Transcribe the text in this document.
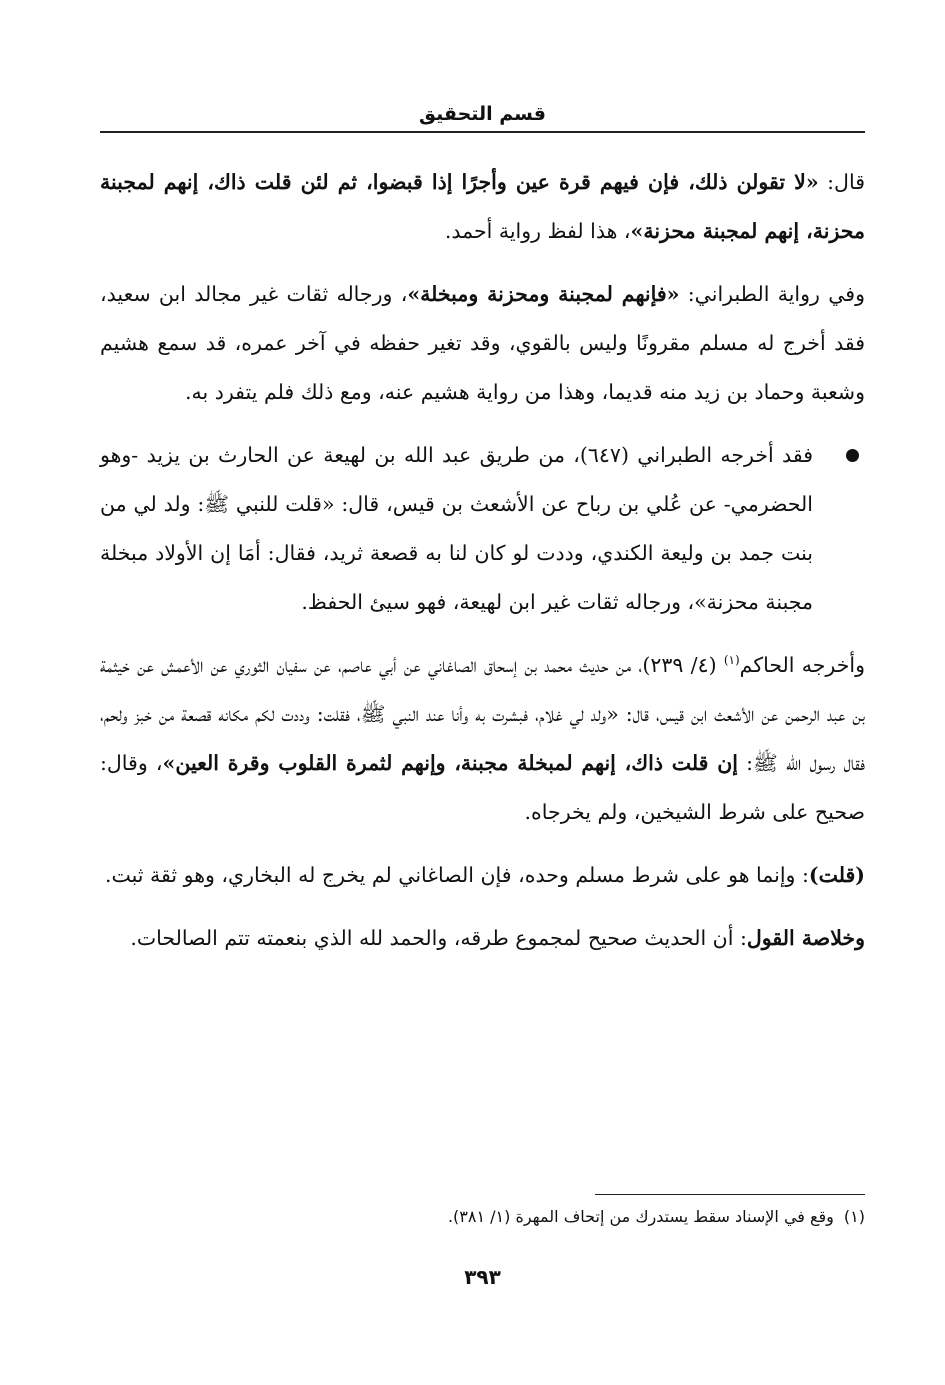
قسم التحقيق

قال: «لا تقولن ذلك، فإن فيهم قرة عين وأجرًا إذا قبضوا، ثم لئن قلت ذاك، إنهم لمجبنة محزنة، إنهم لمجبنة محزنة»، هذا لفظ رواية أحمد.

وفي رواية الطبراني: «فإنهم لمجبنة ومحزنة ومبخلة»، ورجاله ثقات غير مجالد ابن سعيد، فقد أخرج له مسلم مقرونًا وليس بالقوي، وقد تغير حفظه في آخر عمره، قد سمع هشيم وشعبة وحماد بن زيد منه قديما، وهذا من رواية هشيم عنه، ومع ذلك فلم يتفرد به.

فقد أخرجه الطبراني (٦٤٧)، من طريق عبد الله بن لهيعة عن الحارث بن يزيد -وهو الحضرمي- عن عُلي بن رباح عن الأشعث بن قيس، قال: «قلت للنبي ﷺ: ولد لي من بنت جمد بن وليعة الكندي، وددت لو كان لنا به قصعة ثريد، فقال: أمَا إن الأولاد مبخلة مجبنة محزنة»، ورجاله ثقات غير ابن لهيعة، فهو سيئ الحفظ.

وأخرجه الحاكم$^{(١)}$ (٤/ ٢٣٩)، من حديث محمد بن إسحاق الصاغاني عن أبي عاصم، عن سفيان الثوري عن الأعمش عن خيثمة بن عبد الرحمن عن الأشعث ابن قيس، قال: «ولد لي غلام، فبشرت به وأنا عند النبي ﷺ، فقلت: وددت لكم مكانه قصعة من خبز ولحم، فقال رسول الله ﷺ: إن قلت ذاك، إنهم لمبخلة مجبنة، وإنهم لثمرة القلوب وقرة العين»، وقال: صحيح على شرط الشيخين، ولم يخرجاه.

(قلت): وإنما هو على شرط مسلم وحده، فإن الصاغاني لم يخرج له البخاري، وهو ثقة ثبت.

وخلاصة القول: أن الحديث صحيح لمجموع طرقه، والحمد لله الذي بنعمته تتم الصالحات.

(١)وقع في الإسناد سقط يستدرك من إتحاف المهرة (١/ ٣٨١).
٣٩٣
